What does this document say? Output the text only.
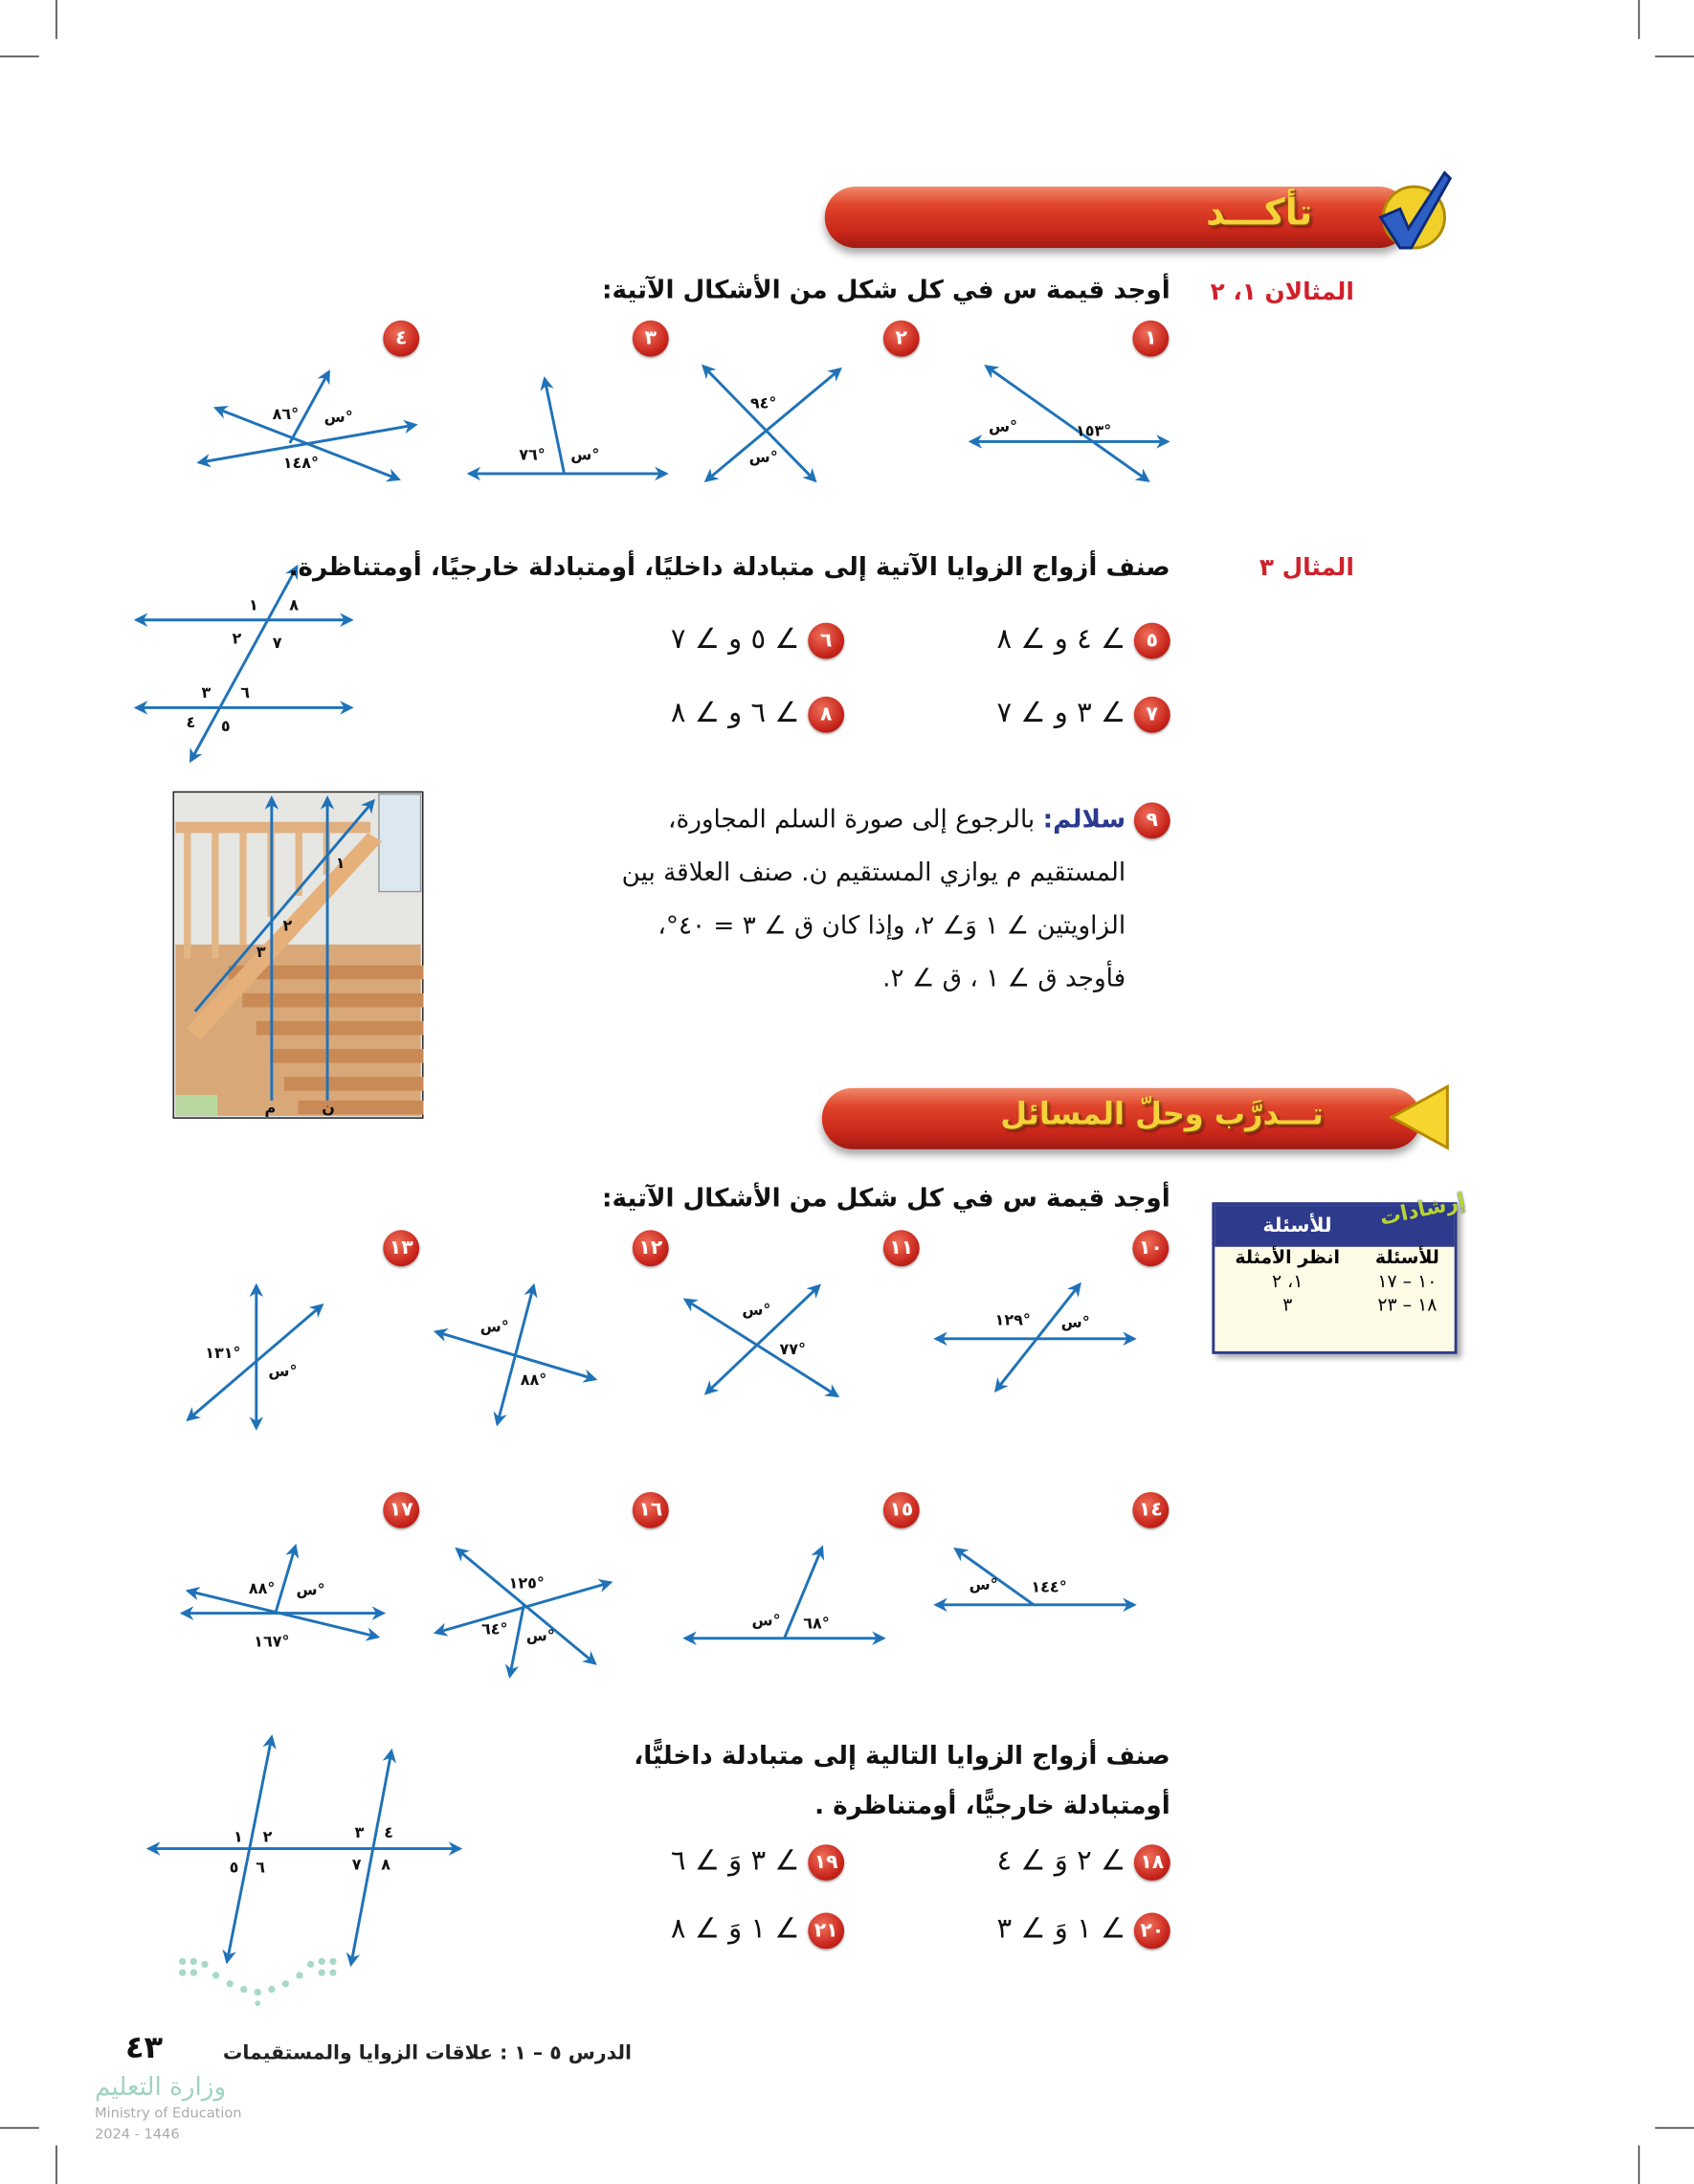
تأكـــد
المثالان ١، ٢
أوجد قيمة س في كل شكل من الأشكال الآتية:
١
٢
٣
٤
س°	١٥٣°
٩٤°
س°
٧٦° س°
٨٦° س°
١٤٨°
١	٨
٢	٧
٣	٦
٤ ٥
١٢٩°	س°
س°
٧٧°
س°
٨٨°
١٣١°
س°
س°	١٤٤°
س° ٦٨°
١٢٥°
٦٤° س°
٨٨° س°
١٦٧°
١ ٢
٥ ٦
٣ ٤
٧ ٨
المثال ٣
صنف أزواج الزوايا الآتية إلى متبادلة داخليًا، أومتبادلة خارجيًا، أومتناظرة.
٥∠ ٤ و ∠ ٨
٦∠ ٥ و ∠ ٧
٧∠ ٣ و ∠ ٧
٨∠ ٦ و ∠ ٨
٩سلالم: بالرجوع إلى صورة السلم المجاورة،
المستقيم م يوازي المستقيم ن. صنف العلاقة بين
الزاويتين ∠ ١ وَ∠ ٢، وإذا كان ق ∠ ٣ = ٤٠°،
فأوجد ق ∠ ١ ، ق ∠ ٢.
١
٢
٣
م	ن	تـــدرَّب وحلّ المسائل
أوجد قيمة س في كل شكل من الأشكال الآتية:
للأسئلة	إرشادات
للأسئلة	انظر الأمثلة
١٠ – ١٧	١، ٢
١٨ – ٢٣	٣
١٠
١١
١٢
١٣
١٤
١٥
١٦
١٧
صنف أزواج الزوايا التالية إلى متبادلة داخليًّا،
أومتبادلة خارجيًّا، أومتناظرة .
١٨∠ ٢ وَ ∠ ٤
١٩∠ ٣ وَ ∠ ٦
٢٠∠ ١ وَ ∠ ٣
٢١∠ ١ وَ ∠ ٨
الدرس ٥ – ١ : علاقات الزوايا والمستقيمات
٤٣
وزارة التعليم
Ministry of Education
2024 - 1446
